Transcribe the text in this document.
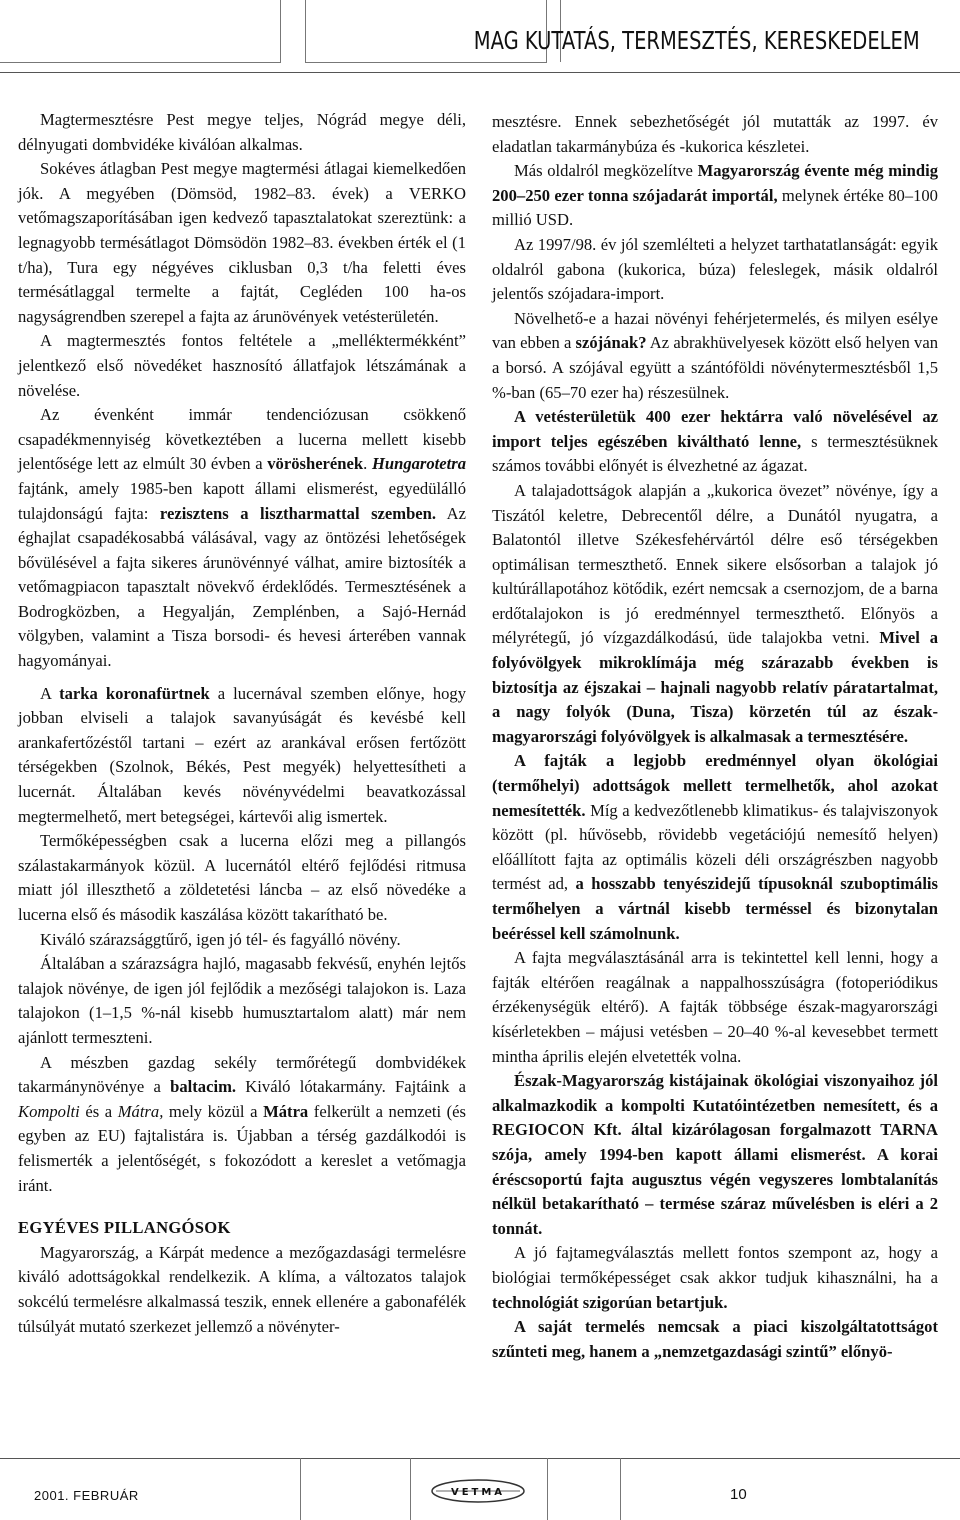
MAG KUTATÁS, TERMESZTÉS, KERESKEDELEM

Magtermesztésre Pest megye teljes, Nógrád megye déli, délnyugati dombvidéke kiválóan alkalmas.

Sokéves átlagban Pest megye magtermési átlagai kiemelkedően jók. A megyében (Dömsöd, 1982–83. évek) a VERKO vetőmagszaporításában igen kedvező tapasztalatokat szereztünk: a legnagyobb termésátlagot Dömsödön 1982–83. években érték el (1 t/ha), Tura egy négyéves ciklusban 0,3 t/ha feletti éves termésátlaggal termelte a fajtát, Cegléden 100 ha-os nagyságrendben szerepel a fajta az árunövények vetésterületén.

A magtermesztés fontos feltétele a „melléktermékként” jelentkező első növedéket hasznosító állatfajok létszámának a növelése.

Az évenként immár tendenciózusan csökkenő csapadékmennyiség következtében a lucerna mellett kisebb jelentősége lett az elmúlt 30 évben a vörösherének. Hungarotetra fajtánk, amely 1985-ben kapott állami elismerést, egyedülálló tulajdonságú fajta: rezisztens a lisztharmattal szemben. Az éghajlat csapadékosabbá válásával, vagy az öntözési lehetőségek bővülésével a fajta sikeres árunövénnyé válhat, amire biztosíték a vetőmagpiacon tapasztalt növekvő érdeklődés. Termesztésének a Bodrogközben, a Hegyalján, Zemplénben, a Sajó-Hernád völgyben, valamint a Tisza borsodi- és hevesi árterében vannak hagyományai.

A tarka koronafürtnek a lucernával szemben előnye, hogy jobban elviseli a talajok savanyúságát és kevésbé kell arankafertőzéstől tartani – ezért az arankával erősen fertőzött térségekben (Szolnok, Békés, Pest megyék) helyettesítheti a lucernát. Általában kevés növényvédelmi beavatkozással megtermelhető, mert betegségei, kártevői alig ismertek.

Termőképességben csak a lucerna előzi meg a pillangós szálastakarmányok közül. A lucernától eltérő fejlődési ritmusa miatt jól illeszthető a zöldetetési láncba – az első növedéke a lucerna első és második kaszálása között takarítható be.

Kiváló szárazsággtűrő, igen jó tél- és fagyálló növény.

Általában a szárazságra hajló, magasabb fekvésű, enyhén lejtős talajok növénye, de igen jól fejlődik a mezőségi talajokon is. Laza talajokon (1–1,5 %-nál kisebb humusztartalom alatt) már nem ajánlott termeszteni.

A mészben gazdag sekély termőrétegű dombvidékek takarmánynövénye a baltacim. Kiváló lótakarmány. Fajtáink a Kompolti és a Mátra, mely közül a Mátra felkerült a nemzeti (és egyben az EU) fajtalistára is. Újabban a térség gazdálkodói is felismerték a jelentőségét, s fokozódott a kereslet a vetőmagja iránt.

EGYÉVES PILLANGÓSOK

Magyarország, a Kárpát medence a mezőgazdasági termelésre kiváló adottságokkal rendelkezik. A klíma, a változatos talajok sokcélú termelésre alkalmassá teszik, ennek ellenére a gabonafélék túlsúlyát mutató szerkezet jellemző a növényter-

mesztésre. Ennek sebezhetőségét jól mutatták az 1997. év eladatlan takarmánybúza és -kukorica készletei.

Más oldalról megközelítve Magyarország évente még mindig 200–250 ezer tonna szójadarát importál, melynek értéke 80–100 millió USD.

Az 1997/98. év jól szemlélteti a helyzet tarthatatlanságát: egyik oldalról gabona (kukorica, búza) feleslegek, másik oldalról jelentős szójadara-import.

Növelhető-e a hazai növényi fehérjetermelés, és milyen esélye van ebben a szójának? Az abrakhüvelyesek között első helyen van a borsó. A szójával együtt a szántóföldi növénytermesztésből 1,5 %-ban (65–70 ezer ha) részesülnek.

A vetésterületük 400 ezer hektárra való növelésével az import teljes egészében kiváltható lenne, s termesztésüknek számos további előnyét is élvezhetné az ágazat.

A talajadottságok alapján a „kukorica övezet” növénye, így a Tiszától keletre, Debrecentől délre, a Dunától nyugatra, a Balatontól illetve Székesfehérvártól délre eső térségekben optimálisan termeszthető. Ennek sikere elsősorban a talajok jó kultúrállapotához kötődik, ezért nemcsak a csernozjom, de a barna erdőtalajokon is jó eredménnyel termeszthető. Előnyös a mélyrétegű, jó vízgazdálkodású, üde talajokba vetni. Mivel a folyóvölgyek mikroklímája még szárazabb években is biztosítja az éjszakai – hajnali nagyobb relatív páratartalmat, a nagy folyók (Duna, Tisza) körzetén túl az észak-magyarországi folyóvölgyek is alkalmasak a termesztésére.

A fajták a legjobb eredménnyel olyan ökológiai (termőhelyi) adottságok mellett termelhetők, ahol azokat nemesítették. Míg a kedvezőtlenebb klimatikus- és talajviszonyok között (pl. hűvösebb, rövidebb vegetációjú nemesítő helyen) előállított fajta az optimális közeli déli országrészben nagyobb termést ad, a hosszabb tenyészidejű típusoknál szuboptimális termőhelyen a vártnál kisebb terméssel és bizonytalan beéréssel kell számolnunk.

A fajta megválasztásánál arra is tekintettel kell lenni, hogy a fajták eltérően reagálnak a nappalhosszúságra (fotoperiódikus érzékenységük eltérő). A fajták többsége észak-magyarországi kísérletekben – májusi vetésben – 20–40 %-al kevesebbet termett mintha április elején elvetették volna.

Észak-Magyarország kistájainak ökológiai viszonyaihoz jól alkalmazkodik a kompolti Kutatóintézetben nemesített, és a REGIOCON Kft. által kizárólagosan forgalmazott TARNA szója, amely 1994-ben kapott állami elismerést. A korai éréscsoportú fajta augusztus végén vegyszeres lombtalanítás nélkül betakarítható – termése száraz művelésben is eléri a 2 tonnát.

A jó fajtamegválasztás mellett fontos szempont az, hogy a biológiai termőképességet csak akkor tudjuk kihasználni, ha a technológiát szigorúan betartjuk.

A saját termelés nemcsak a piaci kiszolgáltatottságot szűnteti meg, hanem a „nemzetgazdasági szintű” előnyö-

2001. FEBRUÁR	VETMA	10
